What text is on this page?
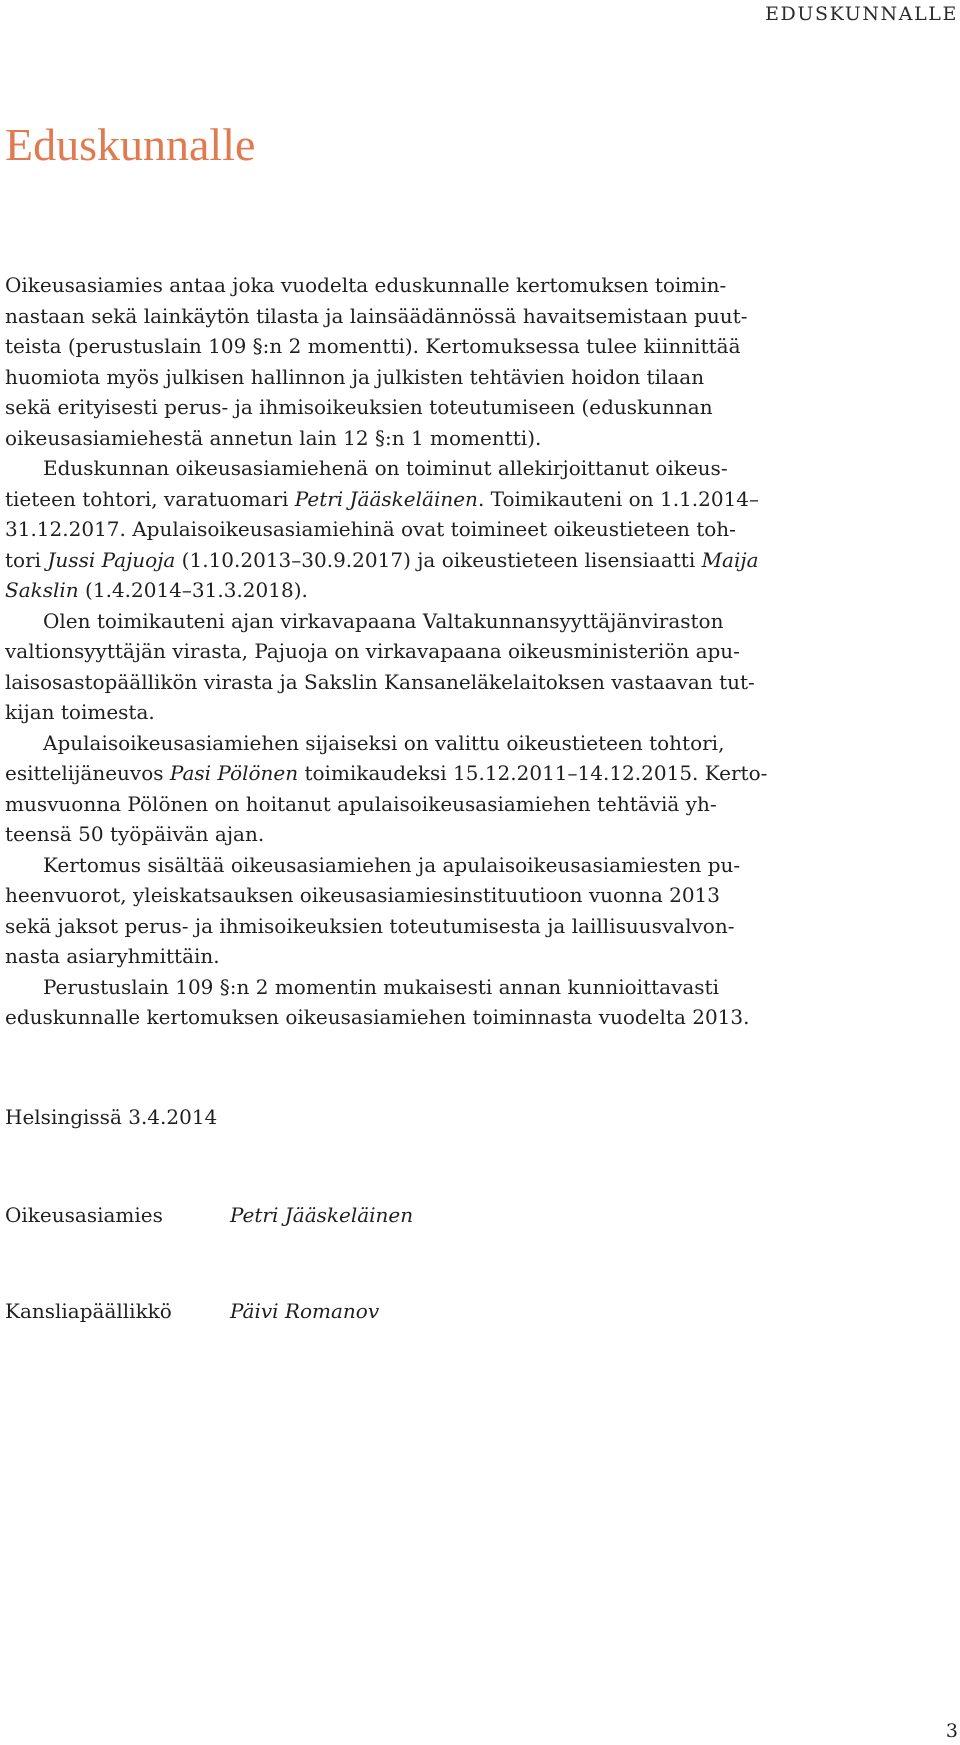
EDUSKUNNALLE
Eduskunnalle
Oikeusasiamies antaa joka vuodelta eduskunnalle kertomuksen toimin-
nastaan sekä lainkäytön tilasta ja lainsäädännössä havaitsemistaan puut-
teista (perustuslain 109 §:n 2 momentti). Kertomuksessa tulee kiinnittää
huomiota myös julkisen hallinnon ja julkisten tehtävien hoidon tilaan
sekä erityisesti perus- ja ihmisoikeuksien toteutumiseen (eduskunnan
oikeusasiamiehestä annetun lain 12 §:n 1 momentti).
Eduskunnan oikeusasiamiehenä on toiminut allekirjoittanut oikeus-
tieteen tohtori, varatuomari Petri Jääskeläinen. Toimikauteni on 1.1.2014–
31.12.2017. Apulaisoikeusasiamiehinä ovat toimineet oikeustieteen toh-
tori Jussi Pajuoja (1.10.2013–30.9.2017) ja oikeustieteen lisensiaatti Maija
Sakslin (1.4.2014–31.3.2018).
Olen toimikauteni ajan virkavapaana Valtakunnansyyttäjänviraston
valtionsyyttäjän virasta, Pajuoja on virkavapaana oikeusministeriön apu-
laisosastopäällikön virasta ja Sakslin Kansaneläkelaitoksen vastaavan tut-
kijan toimesta.
Apulaisoikeusasiamiehen sijaiseksi on valittu oikeustieteen tohtori,
esittelijäneuvos Pasi Pölönen toimikaudeksi 15.12.2011–14.12.2015. Kerto-
musvuonna Pölönen on hoitanut apulaisoikeusasiamiehen tehtäviä yh-
teensä 50 työpäivän ajan.
Kertomus sisältää oikeusasiamiehen ja apulaisoikeusasiamiesten pu-
heenvuorot, yleiskatsauksen oikeusasiamiesinstituutioon vuonna 2013
sekä jaksot perus- ja ihmisoikeuksien toteutumisesta ja laillisuusvalvon-
nasta asiaryhmittäin.
Perustuslain 109 §:n 2 momentin mukaisesti annan kunnioittavasti
eduskunnalle kertomuksen oikeusasiamiehen toiminnasta vuodelta 2013.
Helsingissä 3.4.2014
Oikeusasiamies	Petri Jääskeläinen
Kansliapäällikkö	Päivi Romanov
3
